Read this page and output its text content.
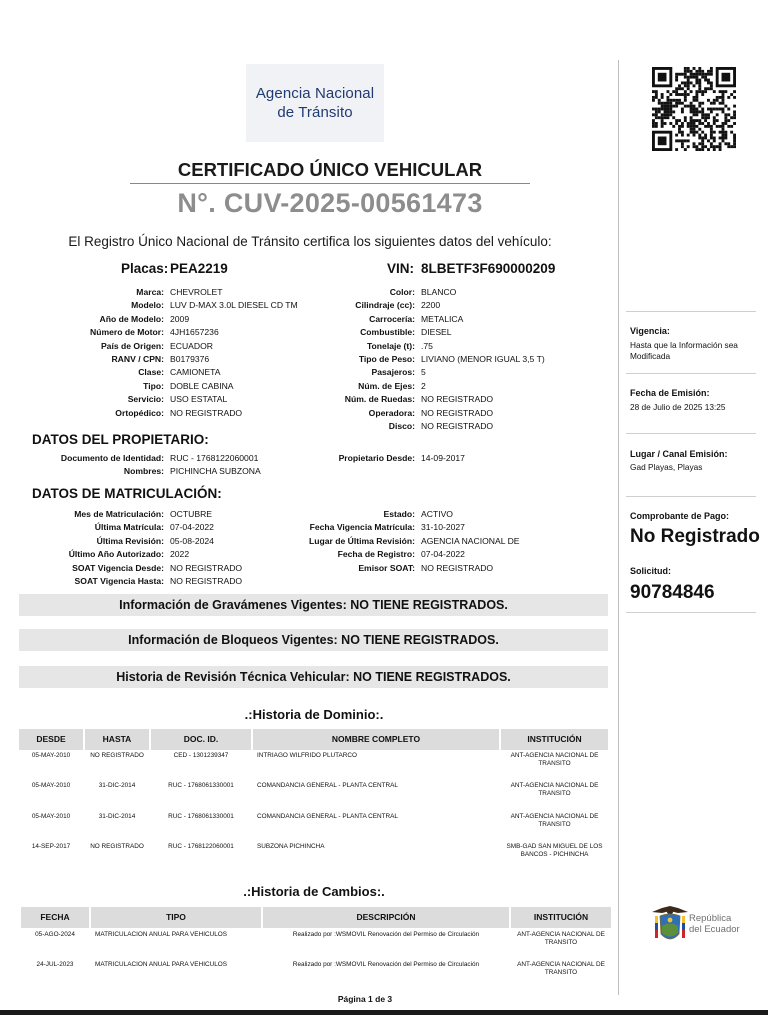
Agencia Nacional
de Tránsito
CERTIFICADO ÚNICO VEHICULAR
N°. CUV-2025-00561473
El Registro Único Nacional de Tránsito certifica los siguientes datos del vehículo:
Placas: PEA2219	VIN: 8LBETF3F690000209
Marca: CHEVROLET
Modelo: LUV D-MAX 3.0L DIESEL CD TM
Año de Modelo: 2009
Número de Motor: 4JH1657236
País de Origen: ECUADOR
RANV / CPN: B0179376
Clase: CAMIONETA
Tipo: DOBLE CABINA
Servicio: USO ESTATAL
Ortopédico: NO REGISTRADO
Color: BLANCO
Cilindraje (cc): 2200
Carrocería: METALICA
Combustible: DIESEL
Tonelaje (t): .75
Tipo de Peso: LIVIANO (MENOR IGUAL 3,5 T)
Pasajeros: 5
Núm. de Ejes: 2
Núm. de Ruedas: NO REGISTRADO
Operadora: NO REGISTRADO
Disco: NO REGISTRADO
DATOS DEL PROPIETARIO:
Documento de Identidad: RUC - 1768122060001
Nombres: PICHINCHA SUBZONA
Propietario Desde: 14-09-2017
DATOS DE MATRICULACIÓN:
Mes de Matriculación: OCTUBRE
Última Matrícula: 07-04-2022
Última Revisión: 05-08-2024
Último Año Autorizado: 2022
SOAT Vigencia Desde: NO REGISTRADO
SOAT Vigencia Hasta: NO REGISTRADO
Estado: ACTIVO
Fecha Vigencia Matrícula: 31-10-2027
Lugar de Última Revisión: AGENCIA NACIONAL DE
Fecha de Registro: 07-04-2022
Emisor SOAT: NO REGISTRADO
Información de Gravámenes Vigentes: NO TIENE REGISTRADOS.
Información de Bloqueos Vigentes: NO TIENE REGISTRADOS.
Historia de Revisión Técnica Vehicular: NO TIENE REGISTRADOS.
.:Historia de Dominio:.
DESDE	HASTA	DOC. ID.	NOMBRE COMPLETO	INSTITUCIÓN
05-MAY-2010	NO REGISTRADO	CED - 1301239347	INTRIAGO WILFRIDO PLUTARCO	ANT-AGENCIA NACIONAL DE
TRANSITO
05-MAY-2010	31-DIC-2014	RUC - 1768061330001	COMANDANCIA GENERAL - PLANTA CENTRAL	ANT-AGENCIA NACIONAL DE
TRANSITO
05-MAY-2010	31-DIC-2014	RUC - 1768061330001	COMANDANCIA GENERAL - PLANTA CENTRAL	ANT-AGENCIA NACIONAL DE
TRANSITO
14-SEP-2017	NO REGISTRADO	RUC - 1768122060001	SUBZONA PICHINCHA	SMB-GAD SAN MIGUEL DE LOS
BANCOS - PICHINCHA
.:Historia de Cambios:.
FECHA	TIPO	DESCRIPCIÓN	INSTITUCIÓN
05-AGO-2024	MATRICULACION ANUAL PARA VEHICULOS	Realizado por :WSMOVIL Renovación del Permiso de Circulación	ANT-AGENCIA NACIONAL DE
TRANSITO
24-JUL-2023	MATRICULACION ANUAL PARA VEHICULOS	Realizado por :WSMOVIL Renovación del Permiso de Circulación	ANT-AGENCIA NACIONAL DE
TRANSITO
Página 1 de 3
Vigencia:
Hasta que la Información sea Modificada
Fecha de Emisión:
28 de Julio de 2025 13:25
Lugar / Canal Emisión:
Gad Playas, Playas
Comprobante de Pago:
No Registrado
Solicitud:
90784846
República
del Ecuador
